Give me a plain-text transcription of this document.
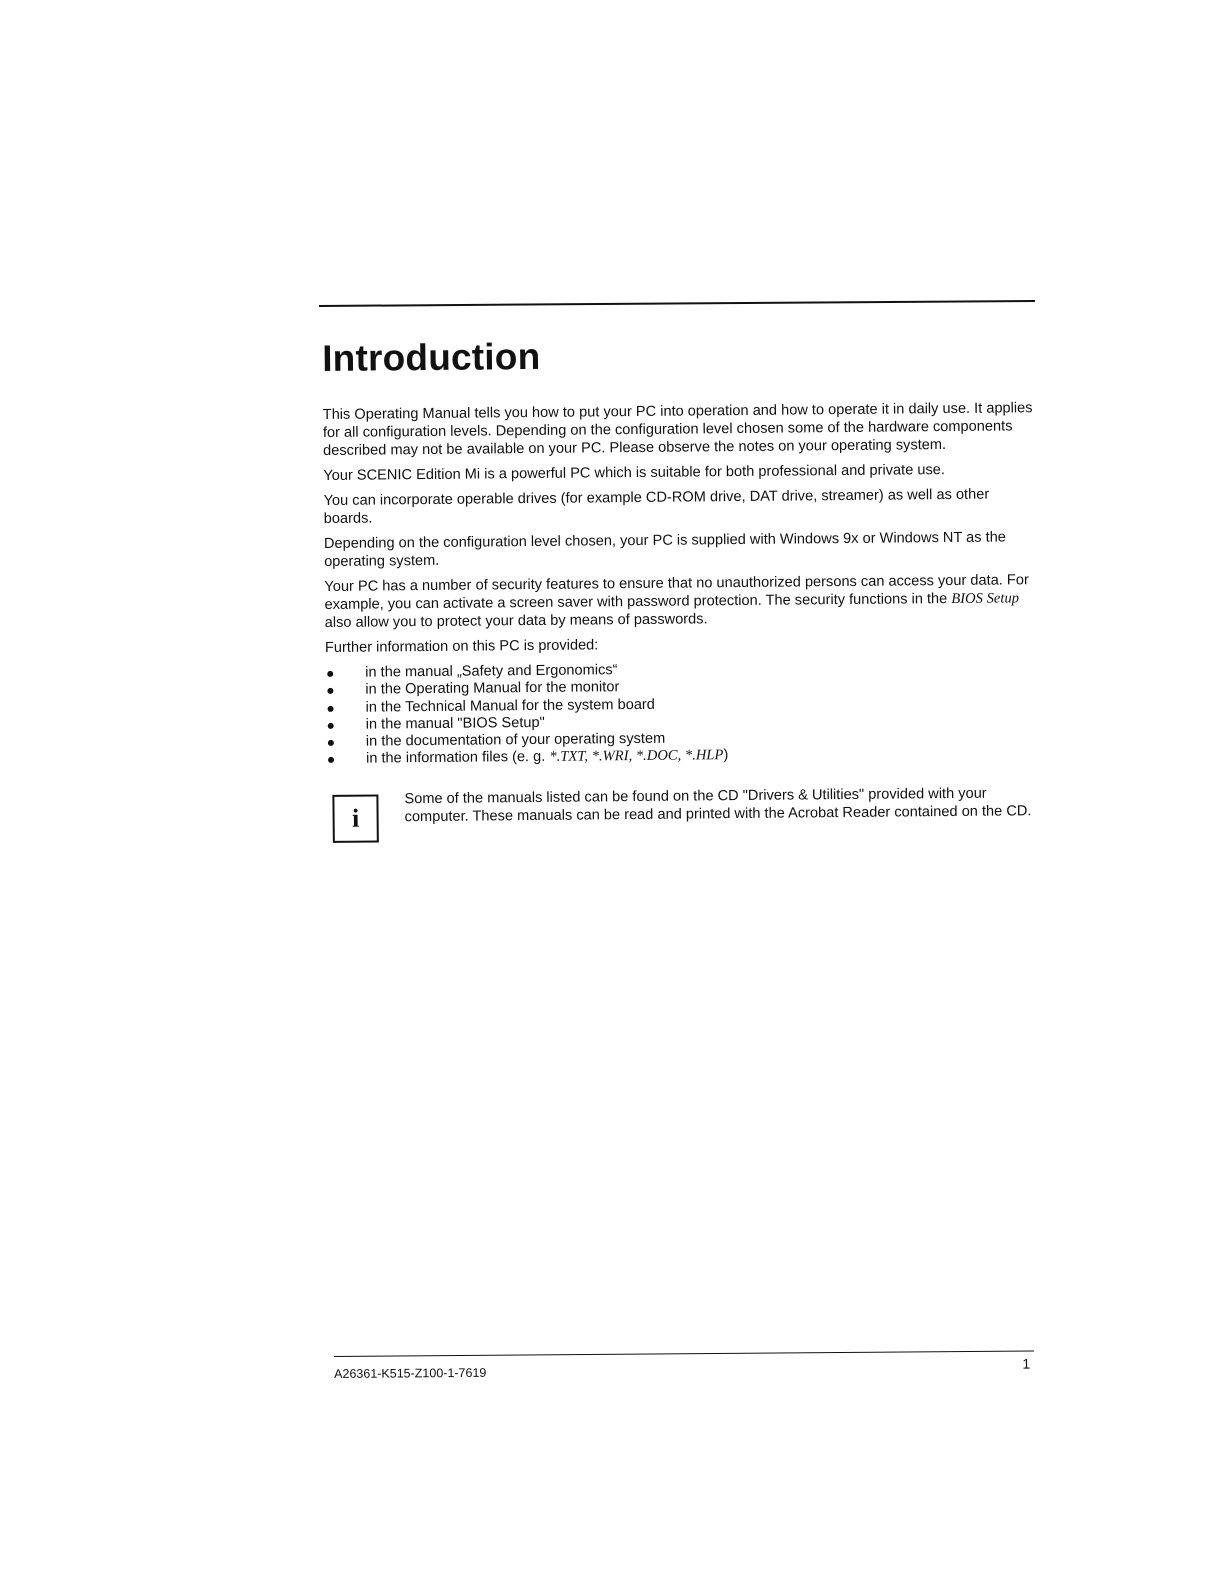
Introduction

This Operating Manual tells you how to put your PC into operation and how to operate it in daily use. It applies for all configuration levels. Depending on the configuration level chosen some of the hardware components described may not be available on your PC. Please observe the notes on your operating system.

Your SCENIC Edition Mi is a powerful PC which is suitable for both professional and private use.

You can incorporate operable drives (for example CD-ROM drive, DAT drive, streamer) as well as other boards.

Depending on the configuration level chosen, your PC is supplied with Windows 9x or Windows NT as the operating system.

Your PC has a number of security features to ensure that no unauthorized persons can access your data. For example, you can activate a screen saver with password protection. The security functions in the BIOS Setup also allow you to protect your data by means of passwords.

Further information on this PC is provided:

in the manual „Safety and Ergonomics“
in the Operating Manual for the monitor
in the Technical Manual for the system board
in the manual "BIOS Setup"
in the documentation of your operating system
in the information files (e. g. *.TXT, *.WRI, *.DOC, *.HLP)
i

Some of the manuals listed can be found on the CD "Drivers & Utilities" provided with your computer. These manuals can be read and printed with the Acrobat Reader contained on the CD.

A26361-K515-Z100-1-7619
1
